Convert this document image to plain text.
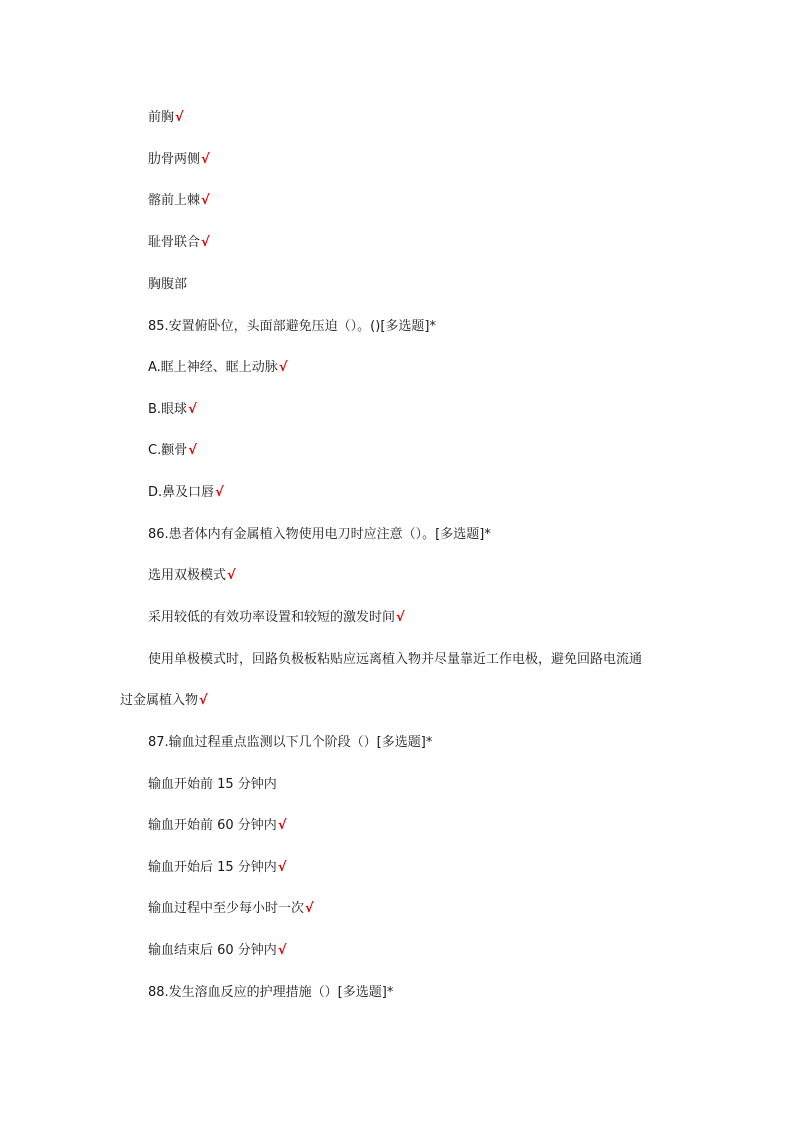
前胸√
肋骨两侧√
髂前上棘√
耻骨联合√
胸腹部
85.安置俯卧位，头面部避免压迫（）。()[多选题]*
A.眶上神经、眶上动脉√
B.眼球√
C.颧骨√
D.鼻及口唇√
86.患者体内有金属植入物使用电刀时应注意（）。[多选题]*
选用双极模式√
采用较低的有效功率设置和较短的激发时间√
使用单极模式时，回路负极板粘贴应远离植入物并尽量靠近工作电极，避免回路电流通
过金属植入物√
87.输血过程重点监测以下几个阶段（）[多选题]*
输血开始前 15 分钟内
输血开始前 60 分钟内√
输血开始后 15 分钟内√
输血过程中至少每小时一次√
输血结束后 60 分钟内√
88.发生溶血反应的护理措施（）[多选题]*
